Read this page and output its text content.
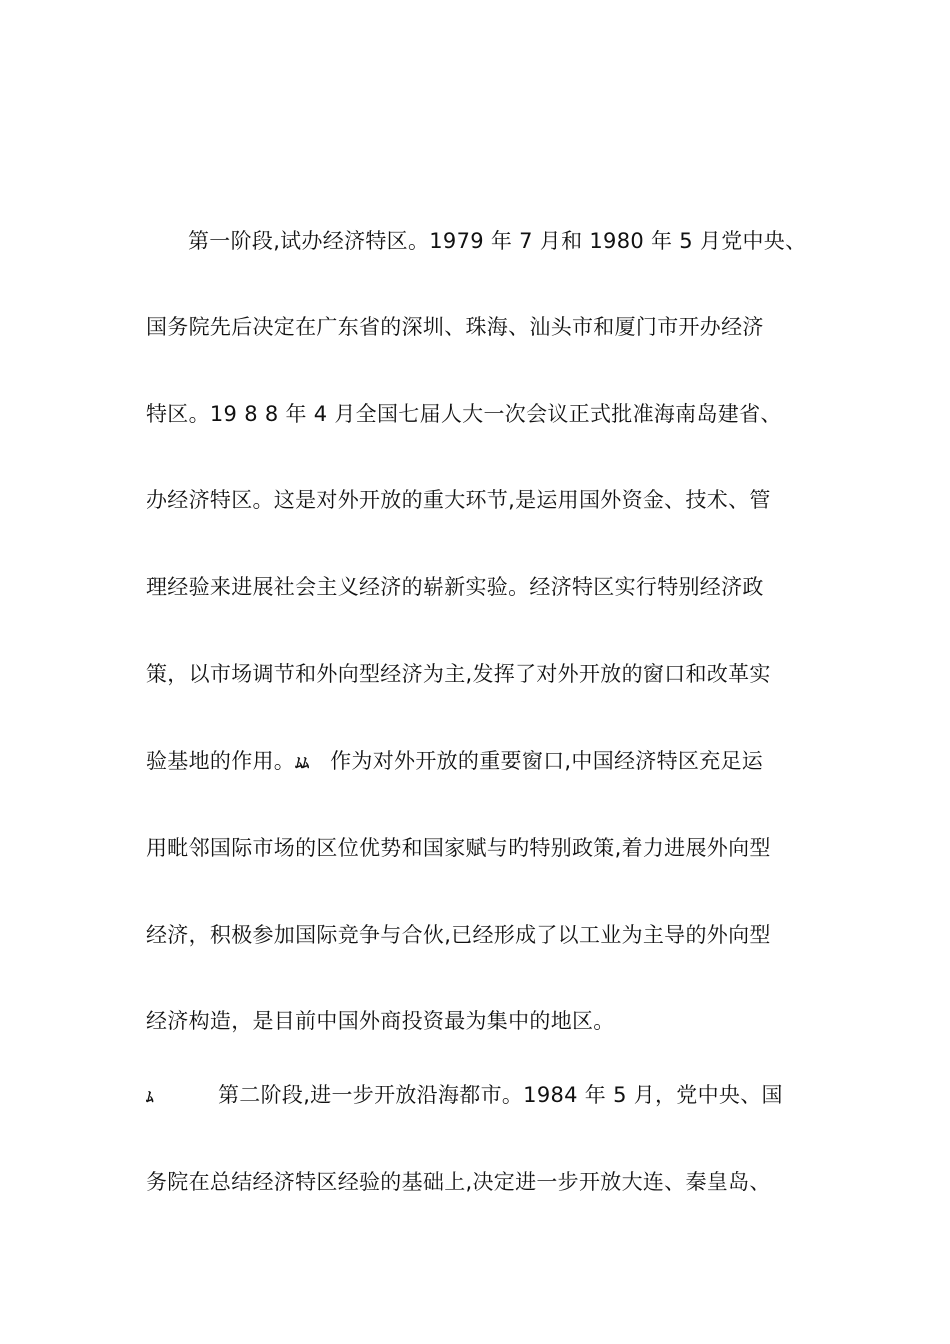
第一阶段,试办经济特区。1979 年 7 月和 1980 年 5 月党中央、
国务院先后决定在广东省的深圳、珠海、汕头市和厦门市开办经济
特区。19 8 8 年 4 月全国七届人大一次会议正式批准海南岛建省、
办经济特区。这是对外开放的重大环节,是运用国外资金、技术、管
理经验来进展社会主义经济的崭新实验。经济特区实行特别经济政
策，以市场调节和外向型经济为主,发挥了对外开放的窗口和改革实
验基地的作用。ﾑﾑ 作为对外开放的重要窗口,中国经济特区充足运
用毗邻国际市场的区位优势和国家赋与旳特别政策,着力进展外向型
经济，积极参加国际竞争与合伙,已经形成了以工业为主导的外向型
经济构造，是目前中国外商投资最为集中的地区。
ﾑ	第二阶段,进一步开放沿海都市。1984 年 5 月，党中央、国
务院在总结经济特区经验的基础上,决定进一步开放大连、秦皇岛、
